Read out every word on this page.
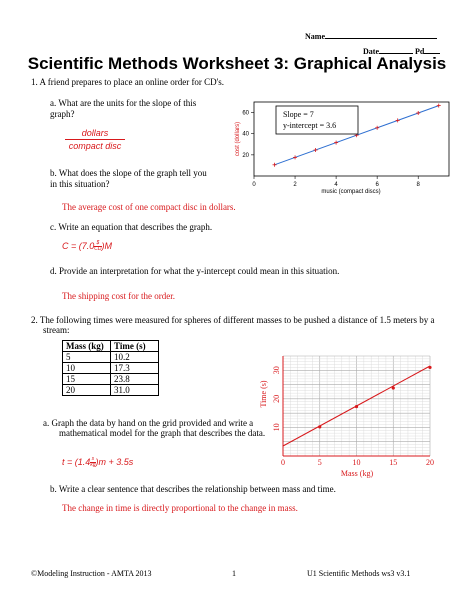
Name
Date	Pd
Scientific Methods Worksheet 3: Graphical Analysis
1. A friend prepares to place an online order for CD's.
a. What are the units for the slope of this graph?
dollars
compact disc
b. What does the slope of the graph tell you in this situation?
The average cost of one compact disc in dollars.
0	2	4	6	8
20
40
60
cost (dollars)
music (compact discs)
Slope = 7
y-intercept = 3.6
c. Write an equation that describes the graph.
$C = (7.0 \frac{\$}{CD} )M$
d. Provide an interpretation for what the y-intercept could mean in this situation.
The shipping cost for the order.
2. The following times were measured for spheres of different masses to be pushed a distance of 1.5 meters by a stream:
Mass (kg)	Time (s)
5	10.2
10	17.3
15	23.8
20	31.0
a. Graph the data by hand on the grid provided and write a mathematical model for the graph that describes the data.
$t = (1.4 \frac{s}{kg} )m + 3.5s$	0	5	10	15	20
10
20
30
Time (s)
Mass (kg)
b. Write a clear sentence that describes the relationship between mass and time.
The change in time is directly proportional to the change in mass.
©Modeling Instruction - AMTA 2013	1	U1 Scientific Methods ws3 v3.1
